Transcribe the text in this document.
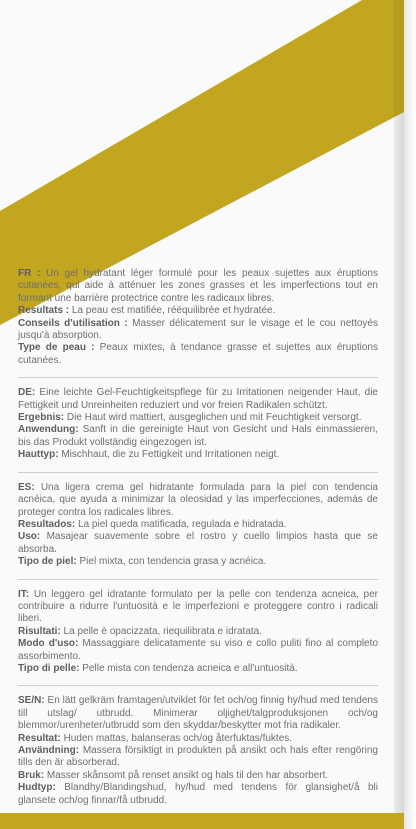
FR : Un gel hydratant léger formulé pour les peaux sujettes aux éruptions cutanées, qui aide à atténuer les zones grasses et les imperfections tout en formant une barrière protectrice contre les radicaux libres.
Resultats : La peau est matifiée, rééquilibrée et hydratée.
Conseils d'utilisation : Masser délicatement sur le visage et le cou nettoyés jusqu'à absorption.
Type de peau : Peaux mixtes, à tendance grasse et sujettes aux éruptions cutanées.
DE: Eine leichte Gel-Feuchtigkeitspflege für zu Irritationen neigender Haut, die Fettigkeit und Unreinheiten reduziert und vor freien Radikalen schützt.
Ergebnis: Die Haut wird mattiert, ausgeglichen und mit Feuchtigkeit versorgt.
Anwendung: Sanft in die gereinigte Haut von Gesicht und Hals einmassieren, bis das Produkt vollständig eingezogen ist.
Hauttyp: Mischhaut, die zu Fettigkeit und Irritationen neigt.
ES: Una ligera crema gel hidratante formulada para la piel con tendencia acnéica, que ayuda a minimizar la oleosidad y las imperfecciones, además de proteger contra los radicales libres.
Resultados: La piel queda matificada, regulada e hidratada.
Uso: Masajear suavemente sobre el rostro y cuello limpios hasta que se absorba.
Tipo de piel: Piel mixta, con tendencia grasa y acnéica.
IT: Un leggero gel idratante formulato per la pelle con tendenza acneica, per contribuire a ridurre l'untuosità e le imperfezioni e proteggere contro i radicali liberi.
Risultati: La pelle è opacizzata, riequilibrata e idratata.
Modo d'uso: Massaggiare delicatamente su viso e collo puliti fino al completo assorbimento.
Tipo di pelle: Pelle mista con tendenza acneica e all'untuosità.
SE/N: En lätt gelkräm framtagen/utviklet för fet och/og finnig hy/hud med tendens till utslag/ utbrudd. Minimerar oljighet/talgproduksjonen och/og blemmor/urenheter/utbrudd som den skyddar/beskytter mot fria radikaler.
Resultat: Huden mattas, balanseras och/og återfuktas/fuktes.
Användning: Massera försiktigt in produkten på ansikt och hals efter rengöring tills den är absorberad.
Bruk: Masser skånsomt på renset ansikt og hals til den har absorbert.
Hudtyp: Blandhy/Blandingshud, hy/hud med tendens för glansighet/å bli glansete och/og finnar/få utbrudd.
